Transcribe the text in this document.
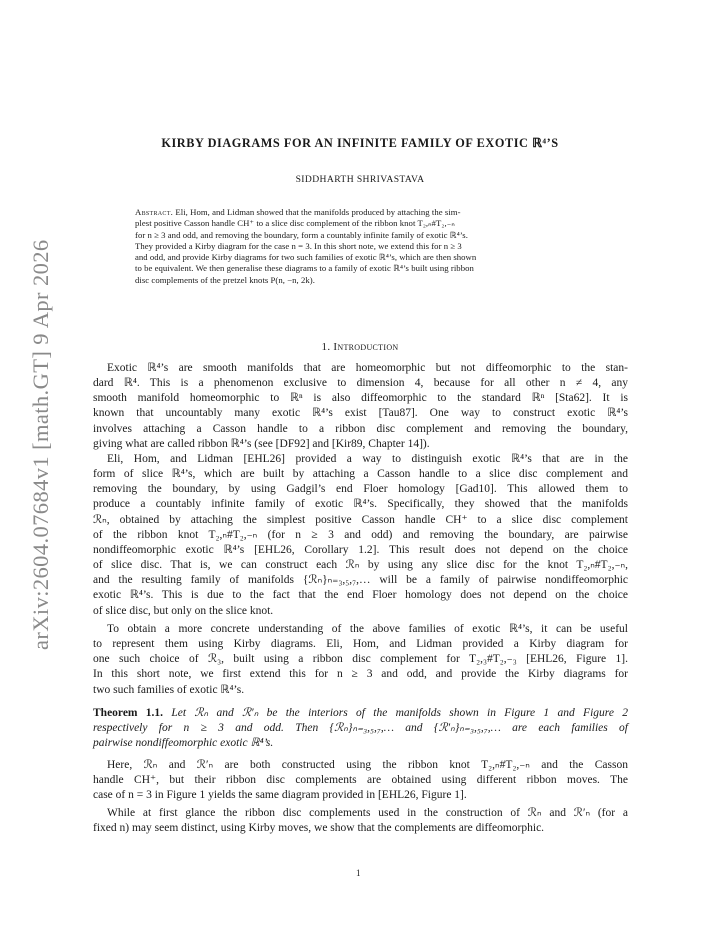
arXiv:2604.07684v1 [math.GT] 9 Apr 2026
KIRBY DIAGRAMS FOR AN INFINITE FAMILY OF EXOTIC ℝ⁴’S
SIDDHARTH SHRIVASTAVA
Abstract. Eli, Hom, and Lidman showed that the manifolds produced by attaching the sim-
plest positive Casson handle CH⁺ to a slice disc complement of the ribbon knot T₂,ₙ#T₂,₋ₙ
for n ≥ 3 and odd, and removing the boundary, form a countably infinite family of exotic ℝ⁴’s.
They provided a Kirby diagram for the case n = 3. In this short note, we extend this for n ≥ 3
and odd, and provide Kirby diagrams for two such families of exotic ℝ⁴’s, which are then shown
to be equivalent. We then generalise these diagrams to a family of exotic ℝ⁴’s built using ribbon
disc complements of the pretzel knots P(n, −n, 2k).
1. Introduction
Exotic ℝ⁴’s are smooth manifolds that are homeomorphic but not diffeomorphic to the stan-
dard ℝ⁴. This is a phenomenon exclusive to dimension 4, because for all other n ≠ 4, any
smooth manifold homeomorphic to ℝⁿ is also diffeomorphic to the standard ℝⁿ [Sta62]. It is
known that uncountably many exotic ℝ⁴’s exist [Tau87]. One way to construct exotic ℝ⁴’s
involves attaching a Casson handle to a ribbon disc complement and removing the boundary,
giving what are called ribbon ℝ⁴’s (see [DF92] and [Kir89, Chapter 14]).
Eli, Hom, and Lidman [EHL26] provided a way to distinguish exotic ℝ⁴’s that are in the
form of slice ℝ⁴’s, which are built by attaching a Casson handle to a slice disc complement and
removing the boundary, by using Gadgil’s end Floer homology [Gad10]. This allowed them to
produce a countably infinite family of exotic ℝ⁴’s. Specifically, they showed that the manifolds
ℛₙ, obtained by attaching the simplest positive Casson handle CH⁺ to a slice disc complement
of the ribbon knot T₂,ₙ#T₂,₋ₙ (for n ≥ 3 and odd) and removing the boundary, are pairwise
nondiffeomorphic exotic ℝ⁴’s [EHL26, Corollary 1.2]. This result does not depend on the choice
of slice disc. That is, we can construct each ℛₙ by using any slice disc for the knot T₂,ₙ#T₂,₋ₙ,
and the resulting family of manifolds {ℛₙ}ₙ₌₃,₅,₇,… will be a family of pairwise nondiffeomorphic
exotic ℝ⁴’s. This is due to the fact that the end Floer homology does not depend on the choice
of slice disc, but only on the slice knot.
To obtain a more concrete understanding of the above families of exotic ℝ⁴’s, it can be useful
to represent them using Kirby diagrams. Eli, Hom, and Lidman provided a Kirby diagram for
one such choice of ℛ₃, built using a ribbon disc complement for T₂,₃#T₂,₋₃ [EHL26, Figure 1].
In this short note, we first extend this for n ≥ 3 and odd, and provide the Kirby diagrams for
two such families of exotic ℝ⁴’s.
Theorem 1.1. Let ℛₙ and ℛ′ₙ be the interiors of the manifolds shown in Figure 1 and Figure 2
respectively for n ≥ 3 and odd. Then {ℛₙ}ₙ₌₃,₅,₇,… and {ℛ′ₙ}ₙ₌₃,₅,₇,… are each families of
pairwise nondiffeomorphic exotic ℝ⁴’s.
Here, ℛₙ and ℛ′ₙ are both constructed using the ribbon knot T₂,ₙ#T₂,₋ₙ and the Casson
handle CH⁺, but their ribbon disc complements are obtained using different ribbon moves. The
case of n = 3 in Figure 1 yields the same diagram provided in [EHL26, Figure 1].
While at first glance the ribbon disc complements used in the construction of ℛₙ and ℛ′ₙ (for a
fixed n) may seem distinct, using Kirby moves, we show that the complements are diffeomorphic.
1
